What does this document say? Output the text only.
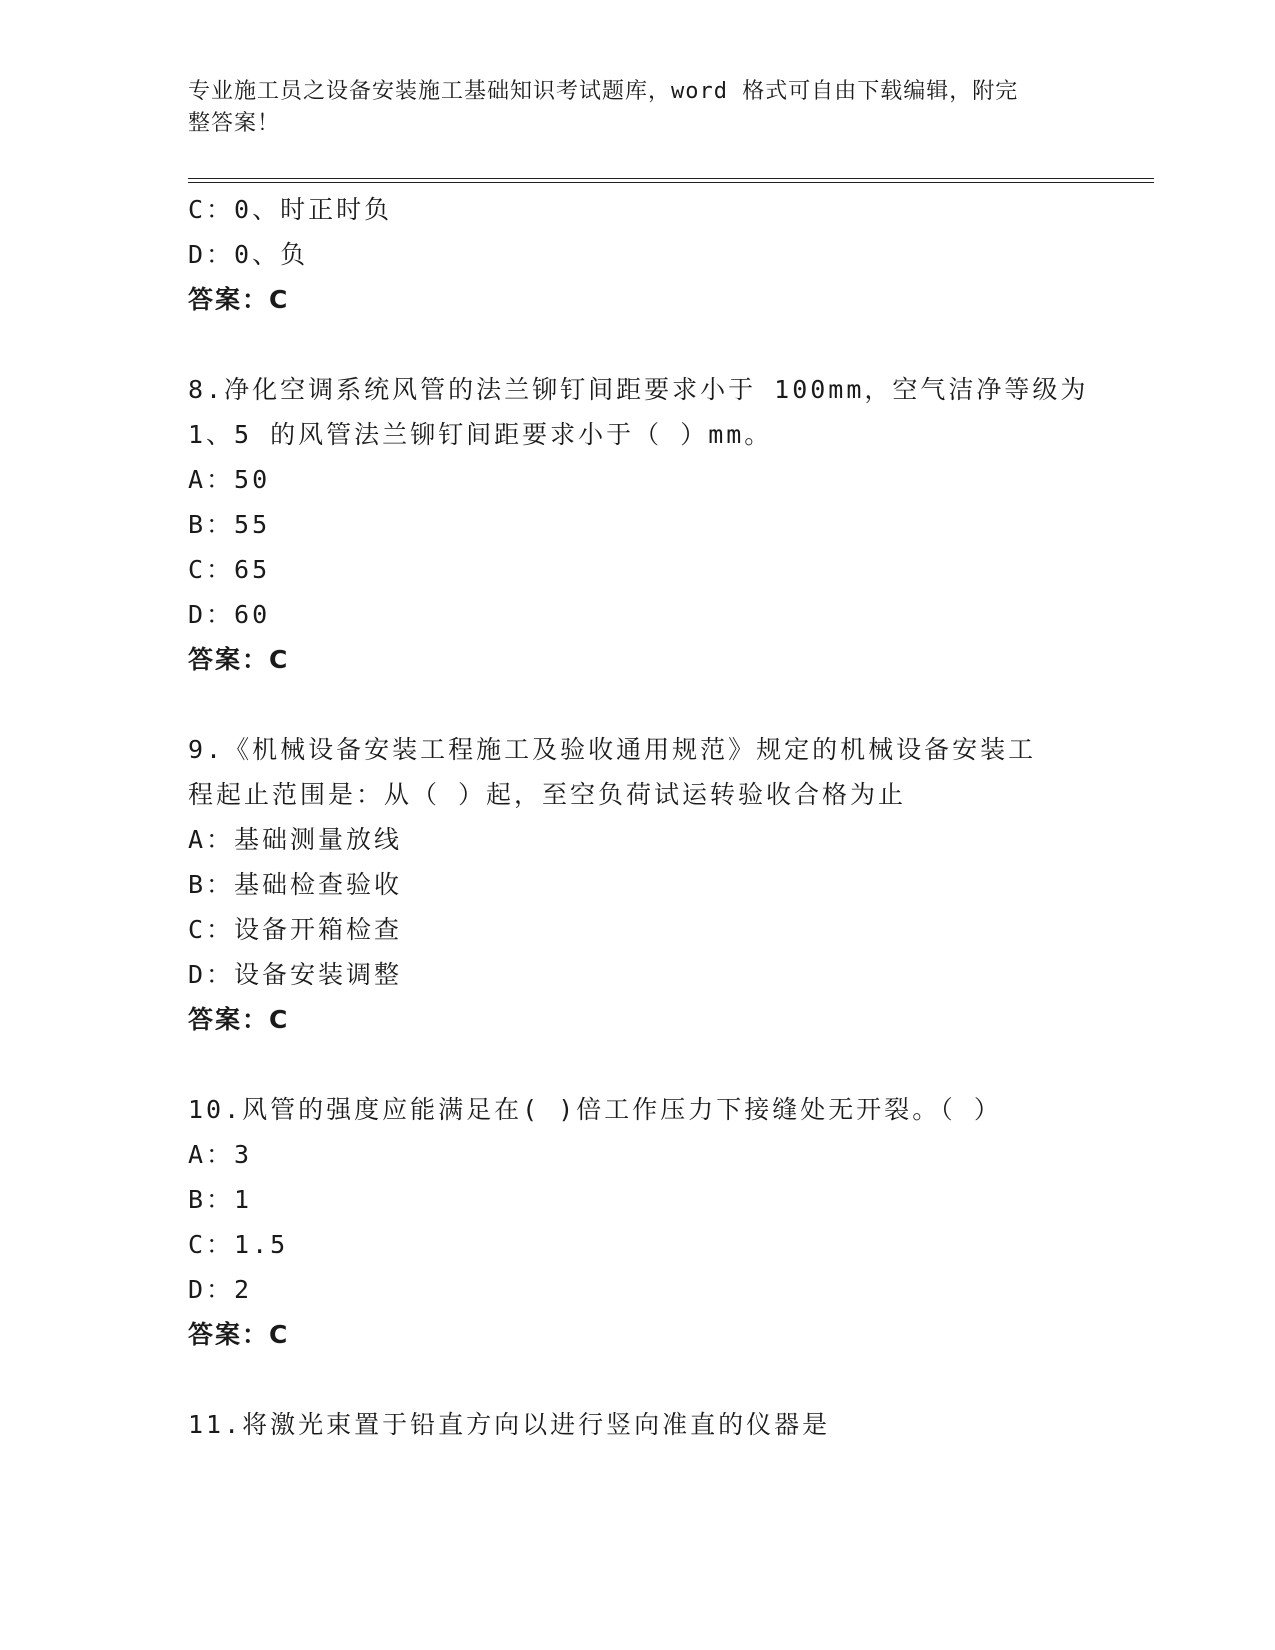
专业施工员之设备安装施工基础知识考试题库，word 格式可自由下载编辑，附完
整答案！
C：0、时正时负
D：0、负
答案：C
8.净化空调系统风管的法兰铆钉间距要求小于 100mm，空气洁净等级为
1、5 的风管法兰铆钉间距要求小于（ ）mm。
A：50
B：55
C：65
D：60
答案：C
9.《机械设备安装工程施工及验收通用规范》规定的机械设备安装工
程起止范围是：从（ ）起，至空负荷试运转验收合格为止
A：基础测量放线
B：基础检查验收
C：设备开箱检查
D：设备安装调整
答案：C
10.风管的强度应能满足在( )倍工作压力下接缝处无开裂。（ ）
A：3
B：1
C：1.5
D：2
答案：C
11.将激光束置于铅直方向以进行竖向准直的仪器是
